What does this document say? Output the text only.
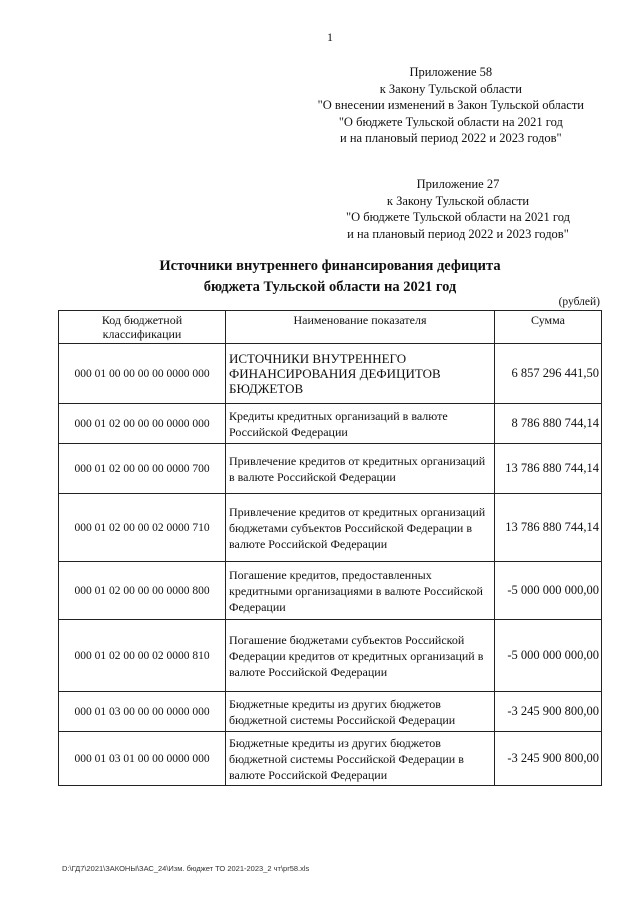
1
Приложение 58
к Закону Тульской области
"О внесении изменений в Закон Тульской области
"О бюджете Тульской области на 2021 год
и на плановый период 2022 и 2023 годов"
Приложение 27
к Закону Тульской области
"О бюджете Тульской области на 2021 год
и на плановый период 2022 и 2023 годов"
Источники внутреннего финансирования дефицита
бюджета Тульской области на 2021 год
(рублей)
Код бюджетной классификации	Наименование показателя	Сумма
000 01 00 00 00 00 0000 000	ИСТОЧНИКИ ВНУТРЕННЕГО ФИНАНСИРОВАНИЯ ДЕФИЦИТОВ БЮДЖЕТОВ	6 857 296 441,50
000 01 02 00 00 00 0000 000	Кредиты кредитных организаций в валюте Российской Федерации	8 786 880 744,14
000 01 02 00 00 00 0000 700	Привлечение кредитов от кредитных организаций в валюте Российской Федерации	13 786 880 744,14
000 01 02 00 00 02 0000 710	Привлечение кредитов от кредитных организаций бюджетами субъектов Российской Федерации в валюте Российской Федерации	13 786 880 744,14
000 01 02 00 00 00 0000 800	Погашение кредитов, предоставленных кредитными организациями в валюте Российской Федерации	-5 000 000 000,00
000 01 02 00 00 02 0000 810	Погашение бюджетами субъектов Российской Федерации кредитов от кредитных организаций в валюте Российской Федерации	-5 000 000 000,00
000 01 03 00 00 00 0000 000	Бюджетные кредиты из других бюджетов бюджетной системы Российской Федерации	-3 245 900 800,00
000 01 03 01 00 00 0000 000	Бюджетные кредиты из других бюджетов бюджетной системы Российской Федерации в валюте Российской Федерации	-3 245 900 800,00
D:\ГД7\2021\ЗАКОНЫ\ЗАС_24\Изм. бюджет ТО 2021-2023_2 чт\pr58.xls
